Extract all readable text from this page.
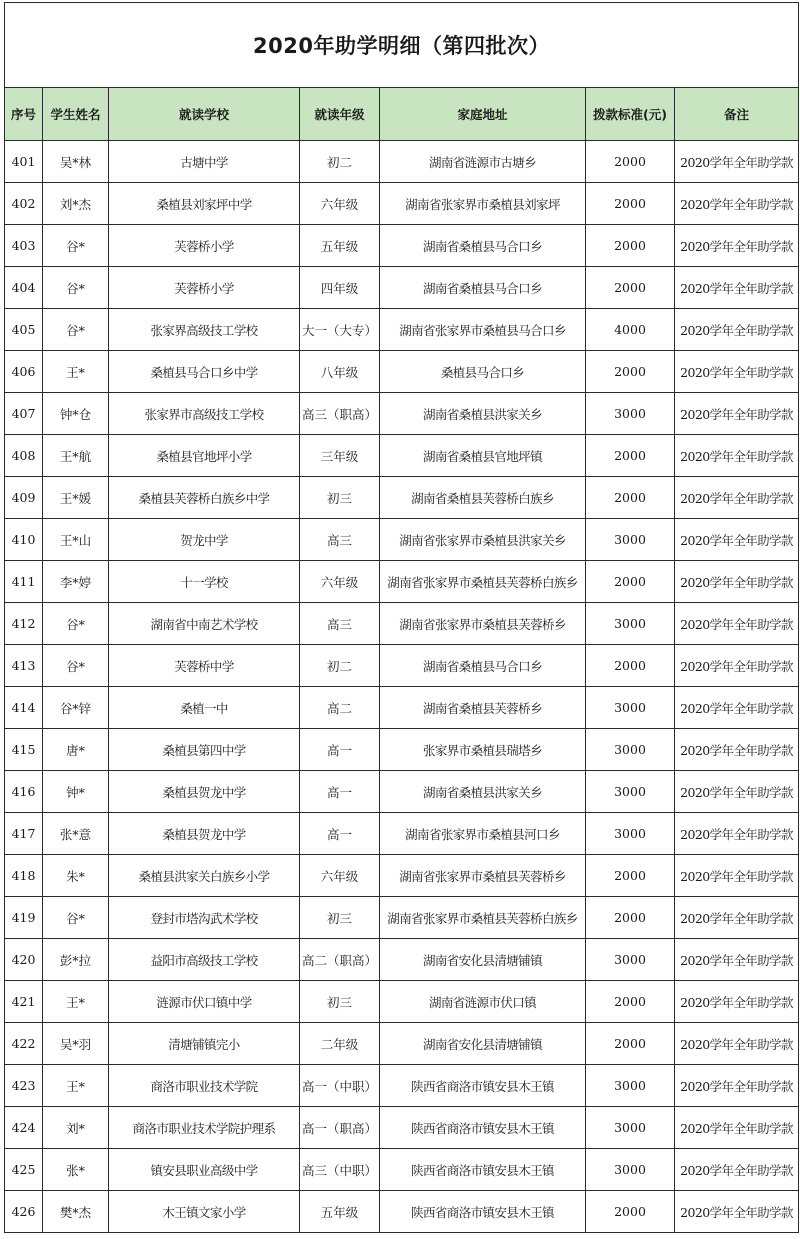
2020年助学明细（第四批次）						
序号	学生姓名	就读学校	就读年级	家庭地址	拨款标准(元)	备注
401	吴*林	古塘中学	初二	湖南省涟源市古塘乡	2000	2020学年全年助学款
402	刘*杰	桑植县刘家坪中学	六年级	湖南省张家界市桑植县刘家坪	2000	2020学年全年助学款
403	谷*	芙蓉桥小学	五年级	湖南省桑植县马合口乡	2000	2020学年全年助学款
404	谷*	芙蓉桥小学	四年级	湖南省桑植县马合口乡	2000	2020学年全年助学款
405	谷*	张家界高级技工学校	大一（大专）	湖南省张家界市桑植县马合口乡	4000	2020学年全年助学款
406	王*	桑植县马合口乡中学	八年级	桑植县马合口乡	2000	2020学年全年助学款
407	钟*仓	张家界市高级技工学校	高三（职高）	湖南省桑植县洪家关乡	3000	2020学年全年助学款
408	王*航	桑植县官地坪小学	三年级	湖南省桑植县官地坪镇	2000	2020学年全年助学款
409	王*媛	桑植县芙蓉桥白族乡中学	初三	湖南省桑植县芙蓉桥白族乡	2000	2020学年全年助学款
410	王*山	贺龙中学	高三	湖南省张家界市桑植县洪家关乡	3000	2020学年全年助学款
411	李*婷	十一学校	六年级	湖南省张家界市桑植县芙蓉桥白族乡	2000	2020学年全年助学款
412	谷*	湖南省中南艺术学校	高三	湖南省张家界市桑植县芙蓉桥乡	3000	2020学年全年助学款
413	谷*	芙蓉桥中学	初二	湖南省桑植县马合口乡	2000	2020学年全年助学款
414	谷*锌	桑植一中	高二	湖南省桑植县芙蓉桥乡	3000	2020学年全年助学款
415	唐*	桑植县第四中学	高一	张家界市桑植县瑞塔乡	3000	2020学年全年助学款
416	钟*	桑植县贺龙中学	高一	湖南省桑植县洪家关乡	3000	2020学年全年助学款
417	张*意	桑植县贺龙中学	高一	湖南省张家界市桑植县河口乡	3000	2020学年全年助学款
418	朱*	桑植县洪家关白族乡小学	六年级	湖南省张家界市桑植县芙蓉桥乡	2000	2020学年全年助学款
419	谷*	登封市塔沟武术学校	初三	湖南省张家界市桑植县芙蓉桥白族乡	2000	2020学年全年助学款
420	彭*拉	益阳市高级技工学校	高二（职高）	湖南省安化县清塘铺镇	3000	2020学年全年助学款
421	王*	涟源市伏口镇中学	初三	湖南省涟源市伏口镇	2000	2020学年全年助学款
422	吴*羽	清塘铺镇完小	二年级	湖南省安化县清塘铺镇	2000	2020学年全年助学款
423	王*	商洛市职业技术学院	高一（中职）	陕西省商洛市镇安县木王镇	3000	2020学年全年助学款
424	刘*	商洛市职业技术学院护理系	高一（职高）	陕西省商洛市镇安县木王镇	3000	2020学年全年助学款
425	张*	镇安县职业高级中学	高三（中职）	陕西省商洛市镇安县木王镇	3000	2020学年全年助学款
426	樊*杰	木王镇文家小学	五年级	陕西省商洛市镇安县木王镇	2000	2020学年全年助学款
